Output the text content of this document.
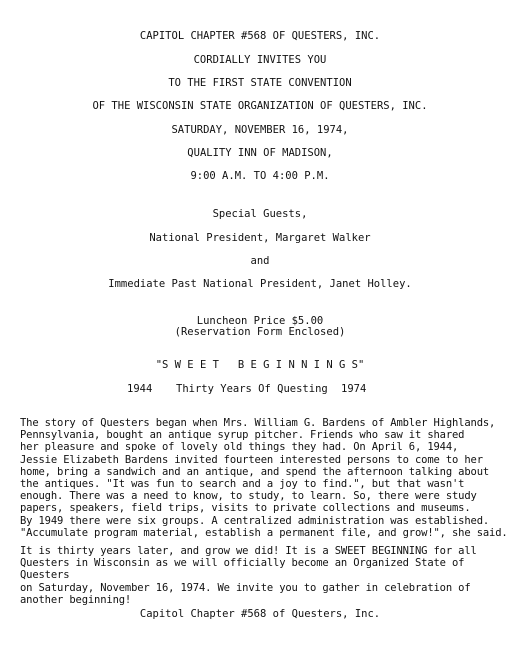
CAPITOL CHAPTER #568 OF QUESTERS, INC.
CORDIALLY INVITES YOU
TO THE FIRST STATE CONVENTION
OF THE WISCONSIN STATE ORGANIZATION OF QUESTERS, INC.
SATURDAY, NOVEMBER 16, 1974,
QUALITY INN OF MADISON,
9:00 A.M. TO 4:00 P.M.
Special Guests,
National President, Margaret Walker
and
Immediate Past National President, Janet Holley.
Luncheon Price $5.00
(Reservation Form Enclosed)
"S W E E T   B E G I N N I N G S"
1944 Thirty Years Of Questing 1974
The story of Questers began when Mrs. William G. Bardens of Ambler Highlands,
Pennsylvania, bought an antique syrup pitcher. Friends who saw it shared
her pleasure and spoke of lovely old things they had. On April 6, 1944,
Jessie Elizabeth Bardens invited fourteen interested persons to come to her
home, bring a sandwich and an antique, and spend the afternoon talking about
the antiques. "It was fun to search and a joy to find.", but that wasn't
enough. There was a need to know, to study, to learn. So, there were study
papers, speakers, field trips, visits to private collections and museums.
By 1949 there were six groups. A centralized administration was established.
"Accumulate program material, establish a permanent file, and grow!", she said.
It is thirty years later, and grow we did! It is a SWEET BEGINNING for all
Questers in Wisconsin as we will officially become an Organized State of Questers
on Saturday, November 16, 1974. We invite you to gather in celebration of
another beginning!
Capitol Chapter #568 of Questers, Inc.
